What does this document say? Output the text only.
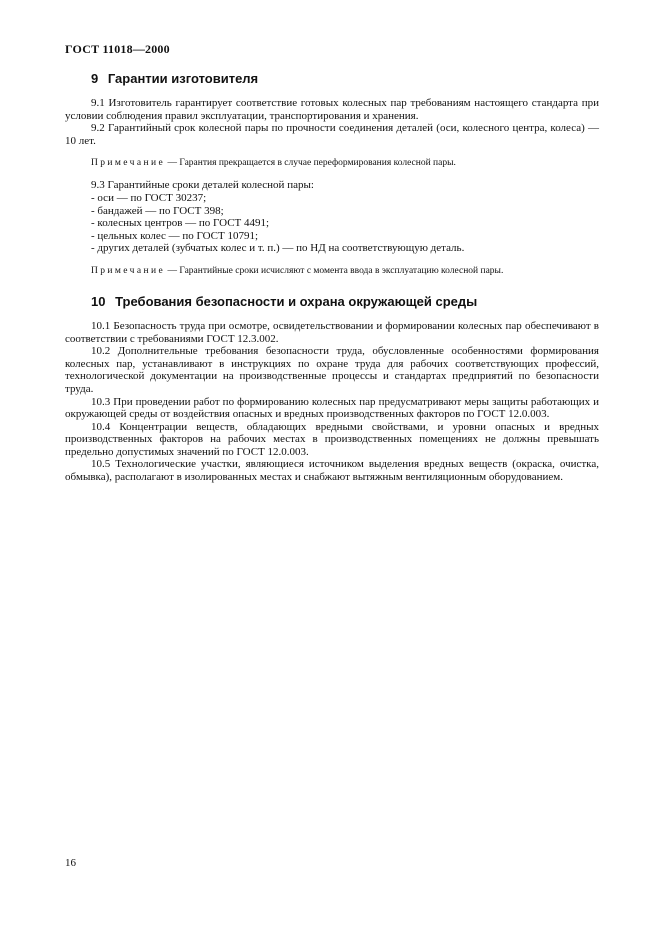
ГОСТ 11018—2000
9 Гарантии изготовителя

9.1 Изготовитель гарантирует соответствие готовых колесных пар требованиям настоящего стандарта при условии соблюдения правил эксплуатации, транспортирования и хранения.

9.2 Гарантийный срок колесной пары по прочности соединения деталей (оси, колесного центра, колеса) — 10 лет.

Примечание — Гарантия прекращается в случае переформирования колесной пары.

9.3 Гарантийные сроки деталей колесной пары:

- оси — по ГОСТ 30237;
- бандажей — по ГОСТ 398;
- колесных центров — по ГОСТ 4491;
- цельных колес — по ГОСТ 10791;
- других деталей (зубчатых колес и т. п.) — по НД на соответствующую деталь.
Примечание — Гарантийные сроки исчисляют с момента ввода в эксплуатацию колесной пары.
10 Требования безопасности и охрана окружающей среды

10.1 Безопасность труда при осмотре, освидетельствовании и формировании колесных пар обеспечивают в соответствии с требованиями ГОСТ 12.3.002.

10.2 Дополнительные требования безопасности труда, обусловленные особенностями формирования колесных пар, устанавливают в инструкциях по охране труда для рабочих соответствующих профессий, технологической документации на производственные процессы и стандартах предприятий по безопасности труда.

10.3 При проведении работ по формированию колесных пар предусматривают меры защиты работающих и окружающей среды от воздействия опасных и вредных производственных факторов по ГОСТ 12.0.003.

10.4 Концентрации веществ, обладающих вредными свойствами, и уровни опасных и вредных производственных факторов на рабочих местах в производственных помещениях не должны превышать предельно допустимых значений по ГОСТ 12.0.003.

10.5 Технологические участки, являющиеся источником выделения вредных веществ (окраска, очистка, обмывка), располагают в изолированных местах и снабжают вытяжным вентиляционным оборудованием.

16
